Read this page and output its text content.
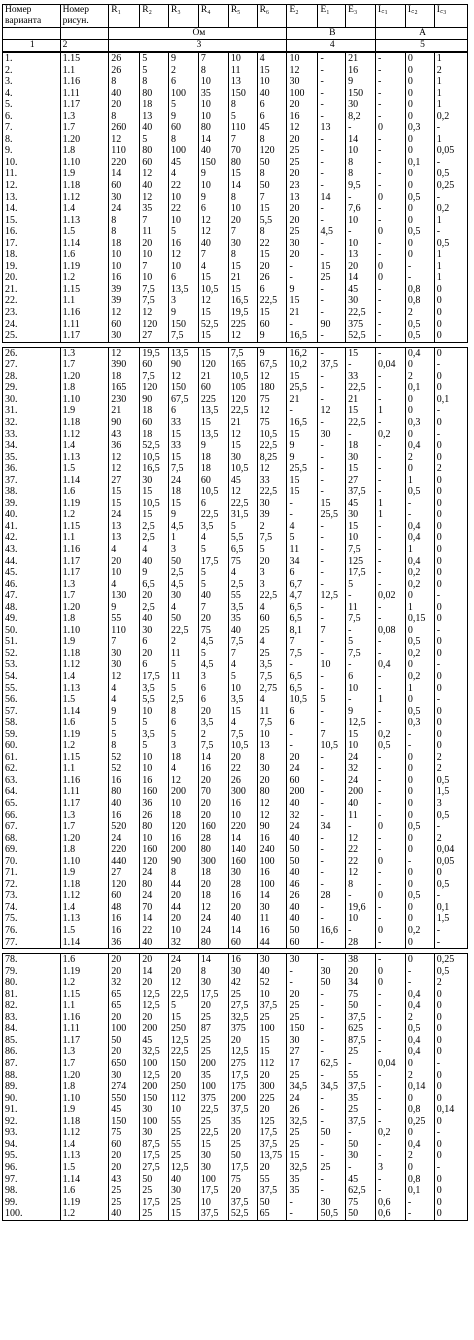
Номер варианта	Номер рисун.	R₁	R₂	R₃	R₄	R₅	R₆	E₂	E₁	E₃	I꜀₁	I꜀₂	I꜀₃
		Ом						В			А		
1	2	3						4			5		
1.	1.15	26	5	9	7	10	4	10	-	21	-	0	1
2.	1.1	26	5	2	8	11	15	12	-	16	-	0	2
3.	1.16	8	8	6	10	13	10	30	-	9	-	0	1
4.	1.11	40	80	100	35	150	40	100	-	150	-	0	1
5.	1.17	20	18	5	10	8	6	20	-	30	-	0	1
6.	1.3	8	13	9	10	5	6	16	-	8,2	-	0	0,2
7.	1.7	260	40	60	80	110	45	12	13	-	0	0,3	-
8.	1.20	12	5	8	14	7	8	20	-	14	-	0	1
9.	1.8	110	80	100	40	70	120	25	-	10	-	0	0,05
10.	1.10	220	60	45	150	80	50	25	-	8	-	0,1	-
11.	1.9	14	12	4	9	15	8	20	-	8	-	0	0,5
12.	1.18	60	40	22	10	14	50	23	-	9,5	-	0	0,25
13.	1.12	30	12	10	9	8	7	13	14	-	0	0,5	-
14.	1.4	24	35	22	6	10	15	20	-	7,6	-	0	0,2
15.	1.13	8	7	10	12	20	5,5	20	-	10	-	0	1
16.	1.5	8	11	5	12	7	8	25	4,5	-	0	0,5	-
17.	1.14	18	20	16	40	30	22	30	-	10	-	0	0,5
18.	1.6	10	10	12	7	8	15	20	-	13	-	0	1
19.	1.19	10	7	10	4	15	20	-	15	20	0	-	1
20.	1.2	16	10	6	15	21	26	-	25	14	0	-	1
21.	1.15	39	7,5	13,5	10,5	15	6	9	-	45	-	0,8	0
22.	1.1	39	7,5	3	12	16,5	22,5	15	-	30	-	0,8	0
23.	1.16	12	12	9	15	19,5	15	21	-	22,5	-	2	0
24.	1.11	60	120	150	52,5	225	60	-	90	375	-	0,5	0
25.	1.17	30	27	7,5	15	12	9	16,5	-	52,5	-	0,5	0
26.	1.3	12	19,5	13,5	15	7,5	9	16,2	-	15	-	0,4	0
27.	1.7	390	60	90	120	165	67,5	10,2	37,5	-	0,04	0	-
28.	1.20	18	7,5	12	21	10,5	12	15	-	33	-	2	0
29.	1.8	165	120	150	60	105	180	25,5	-	22,5	-	0,1	0
30.	1.10	230	90	67,5	225	120	75	21	-	21	-	0	0,1
31.	1.9	21	18	6	13,5	22,5	12	-	12	15	1	0	-
32.	1.18	90	60	33	15	21	75	16,5	-	22,5	-	0,3	0
33.	1.12	43	18	15	13,5	12	10,5	15	30	-	0,2	0	-
34.	1.4	36	52,5	33	9	15	22,5	9	-	18	-	0,4	0
35.	1.13	12	10,5	15	18	30	8,25	9	-	30	-	2	0
36.	1.5	12	16,5	7,5	18	10,5	12	25,5	-	15	-	0	2
37.	1.14	27	30	24	60	45	33	15	-	27	-	1	0
38.	1.6	15	15	18	10,5	12	22,5	15	-	37,5	-	0,5	0
39.	1.19	15	10,5	15	6	22,5	30	-	15	45	1	-	0
40.	1.2	24	15	9	22,5	31,5	39	-	25,5	30	1	-	0
41.	1.15	13	2,5	4,5	3,5	5	2	4	-	15	-	0,4	0
42.	1.1	13	2,5	1	4	5,5	7,5	5	-	10	-	0,4	0
43.	1.16	4	4	3	5	6,5	5	11	-	7,5	-	1	0
44.	1.17	20	40	50	17,5	75	20	34	-	125	-	0,4	0
45.	1.17	10	9	2,5	5	4	3	6	-	17,5	-	0,2	0
46.	1.3	4	6,5	4,5	5	2,5	3	6,7	-	5	-	0,2	0
47.	1.7	130	20	30	40	55	22,5	4,7	12,5	-	0,02	0	-
48.	1.20	9	2,5	4	7	3,5	4	6,5	-	11	-	1	0
49.	1.8	55	40	50	20	35	60	6,5	-	7,5	-	0,15	0
50.	1.10	110	30	22,5	75	40	25	8,1	7	-	0,08	0	-
51.	1.9	7	6	2	4,5	7,5	4	7	-	5	-	0,5	0
52.	1.18	30	20	11	5	7	25	7,5	-	7,5	-	0,2	0
53.	1.12	30	6	5	4,5	4	3,5	-	10	-	0,4	0	-
54.	1.4	12	17,5	11	3	5	7,5	6,5	-	6	-	0,2	0
55.	1.13	4	3,5	5	6	10	2,75	6,5	-	10	-	1	0
56.	1.5	4	5,5	2,5	6	3,5	4	10,5	5	-	1	0	-
57.	1.14	9	10	8	20	15	11	6	-	9	-	0,5	0
58.	1.6	5	5	6	3,5	4	7,5	6	-	12,5	-	0,3	0
59.	1.19	5	3,5	5	2	7,5	10	-	7	15	0,2	-	0
60.	1.2	8	5	3	7,5	10,5	13	-	10,5	10	0,5	-	0
61.	1.15	52	10	18	14	20	8	20	-	24	-	0	2
62.	1.1	52	10	4	16	22	30	24	-	32	-	0	2
63.	1.16	16	16	12	20	26	20	60	-	24	-	0	0,5
64.	1.11	80	160	200	70	300	80	200	-	200	-	0	1,5
65.	1.17	40	36	10	20	16	12	40	-	40	-	0	3
66.	1.3	16	26	18	20	10	12	32	-	11	-	0	0,5
67.	1.7	520	80	120	160	220	90	24	34	-	0	0,5	-
68.	1.20	24	10	16	28	14	16	40	-	12	-	0	2
69.	1.8	220	160	200	80	140	240	50	-	22	-	0	0,04
70.	1.10	440	120	90	300	160	100	50	-	22	0	-	0,05
71.	1.9	27	24	8	18	30	16	40	-	12	-	0	0
72.	1.18	120	80	44	20	28	100	46	-	8	-	0	0,5
73.	1.12	60	24	20	18	16	14	26	28	-	0	0,5	-
74.	1.4	48	70	44	12	20	30	40	-	19,6	-	0	0,1
75.	1.13	16	14	20	24	40	11	40	-	10	-	0	1,5
76.	1.5	16	22	10	24	14	16	50	16,6	-	0	0,2	-
77.	1.14	36	40	32	80	60	44	60	-	28	-	0	-
78.	1.6	20	20	24	14	16	30	30	-	38	-	0	0,25
79.	1.19	20	14	20	8	30	40	-	30	20	0	-	0,5
80.	1.2	32	20	12	30	42	52	-	50	34	0	-	2
81.	1.15	65	12,5	22,5	17,5	25	10	20	-	75	-	0,4	0
82.	1.1	65	12,5	5	20	27,5	37,5	25	-	50	-	0,4	0
83.	1.16	20	20	15	25	32,5	25	25	-	37,5	-	2	0
84.	1.11	100	200	250	87	375	100	150	-	625	-	0,5	0
85.	1.17	50	45	12,5	25	20	15	30	-	87,5	-	0,4	0
86.	1.3	20	32,5	22,5	25	12,5	15	27	-	25	-	0,4	0
87.	1.7	650	100	150	200	275	112	17	62,5	-	0,04	0	-
88.	1.20	30	12,5	20	35	17,5	20	25	-	55	-	2	0
89.	1.8	274	200	250	100	175	300	34,5	34,5	37,5	-	0,14	0
90.	1.10	550	150	112	375	200	225	24	-	35	-	0	0
91.	1.9	45	30	10	22,5	37,5	20	26	-	25	-	0,8	0,14
92.	1.18	150	100	55	25	35	125	32,5	-	37,5	-	0,25	0
93.	1.12	75	30	25	22,5	20	17,5	25	50	-	0,2	0	-
94.	1.4	60	87,5	55	15	25	37,5	25	-	50	-	0,4	0
95.	1.13	20	17,5	25	30	50	13,75	15	-	30	-	2	0
96.	1.5	20	27,5	12,5	30	17,5	20	32,5	25	-	3	0	-
97.	1.14	43	50	40	100	75	55	35	-	45	-	0,8	0
98.	1.6	25	25	30	17,5	20	37,5	35	-	62,5	-	0,1	0
99.	1.19	25	17,5	25	10	37,5	50	-	30	75	0,6	-	0
100.	1.2	40	25	15	37,5	52,5	65	-	50,5	50	0,6	-	0
